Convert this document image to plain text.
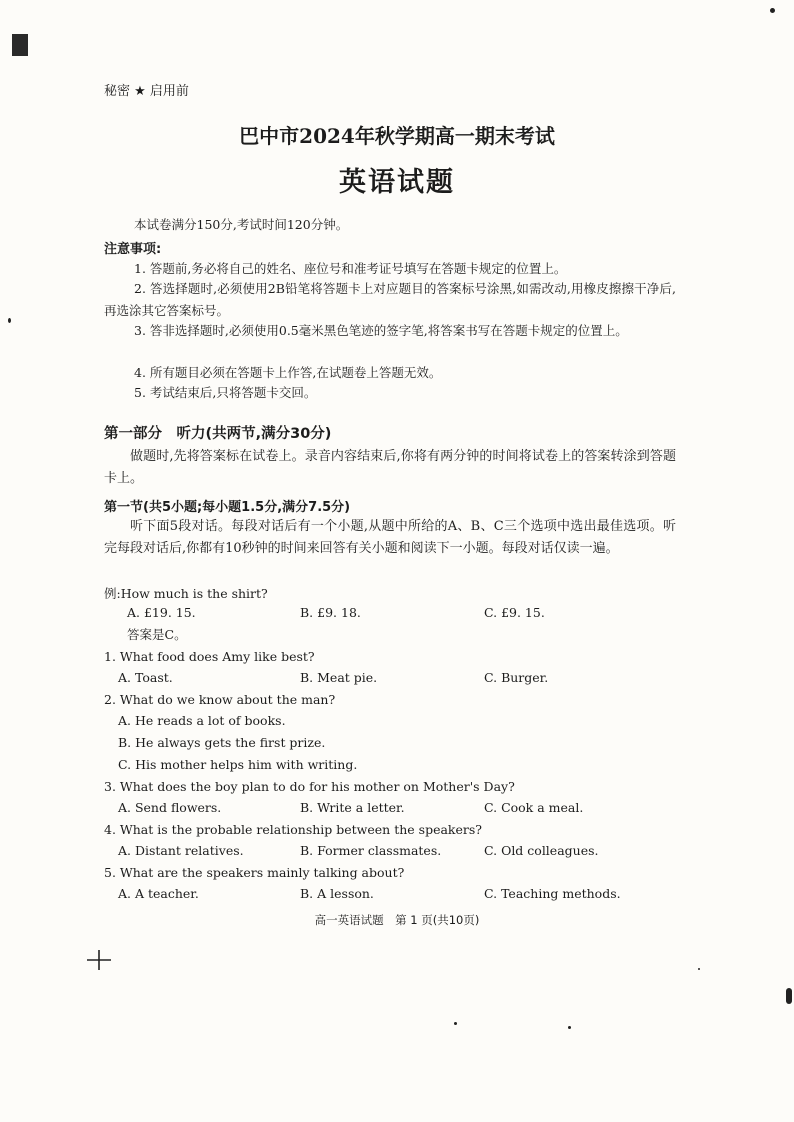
秘密 ★ 启用前
巴中市2024年秋学期高一期末考试
英语试题
本试卷满分150分,考试时间120分钟。
注意事项:
1. 答题前,务必将自己的姓名、座位号和准考证号填写在答题卡规定的位置上。
2. 答选择题时,必须使用2B铅笔将答题卡上对应题目的答案标号涂黑,如需改动,用橡皮擦擦干净后,再选涂其它答案标号。
3. 答非选择题时,必须使用0.5毫米黑色笔迹的签字笔,将答案书写在答题卡规定的位置上。
4. 所有题目必须在答题卡上作答,在试题卷上答题无效。
5. 考试结束后,只将答题卡交回。
第一部分　听力(共两节,满分30分)
做题时,先将答案标在试卷上。录音内容结束后,你将有两分钟的时间将试卷上的答案转涂到答题卡上。
第一节(共5小题;每小题1.5分,满分7.5分)
听下面5段对话。每段对话后有一个小题,从题中所给的A、B、C三个选项中选出最佳选项。听完每段对话后,你都有10秒钟的时间来回答有关小题和阅读下一小题。每段对话仅读一遍。
例:How much is the shirt?
A. £19. 15.	B. £9. 18.	C. £9. 15.
答案是C。
1. What food does Amy like best?
A. Toast.	B. Meat pie.	C. Burger.
2. What do we know about the man?
A. He reads a lot of books.
B. He always gets the first prize.
C. His mother helps him with writing.
3. What does the boy plan to do for his mother on Mother's Day?
A. Send flowers.	B. Write a letter.	C. Cook a meal.
4. What is the probable relationship between the speakers?
A. Distant relatives.	B. Former classmates.	C. Old colleagues.
5. What are the speakers mainly talking about?
A. A teacher.	B. A lesson.	C. Teaching methods.
高一英语试题　第 1 页(共10页)
